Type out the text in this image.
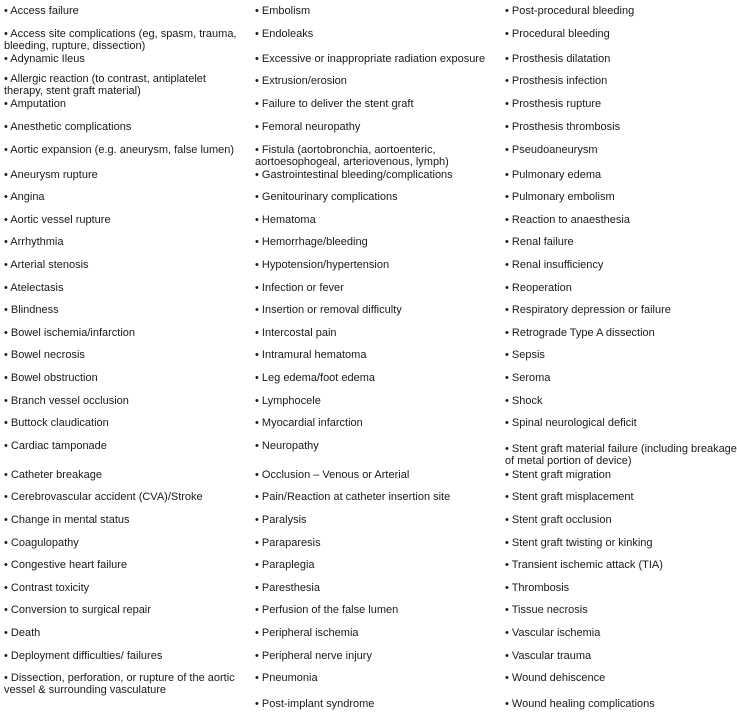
• Access failure
• Access site complications (eg, spasm, trauma, bleeding, rupture, dissection)
• Adynamic Ileus
• Allergic reaction (to contrast, antiplatelet therapy, stent graft material)
• Amputation
• Anesthetic complications
• Aortic expansion (e.g. aneurysm, false lumen)
• Aneurysm rupture
• Angina
• Aortic vessel rupture
• Arrhythmia
• Arterial stenosis
• Atelectasis
• Blindness
• Bowel ischemia/infarction
• Bowel necrosis
• Bowel obstruction
• Branch vessel occlusion
• Buttock claudication
• Cardiac tamponade
• Catheter breakage
• Cerebrovascular accident (CVA)/Stroke
• Change in mental status
• Coagulopathy
• Congestive heart failure
• Contrast toxicity
• Conversion to surgical repair
• Death
• Deployment difficulties/ failures
• Dissection, perforation, or rupture of the aortic vessel & surrounding vasculature
• Embolism
• Endoleaks
• Excessive or inappropriate radiation exposure
• Extrusion/erosion
• Failure to deliver the stent graft
• Femoral neuropathy
• Fistula (aortobronchia, aortoenteric, aortoesophogeal, arteriovenous, lymph)
• Gastrointestinal bleeding/complications
• Genitourinary complications
• Hematoma
• Hemorrhage/bleeding
• Hypotension/hypertension
• Infection or fever
• Insertion or removal difficulty
• Intercostal pain
• Intramural hematoma
• Leg edema/foot edema
• Lymphocele
• Myocardial infarction
• Neuropathy
• Occlusion – Venous or Arterial
• Pain/Reaction at catheter insertion site
• Paralysis
• Paraparesis
• Paraplegia
• Paresthesia
• Perfusion of the false lumen
• Peripheral ischemia
• Peripheral nerve injury
• Pneumonia
• Post-implant syndrome
• Post-procedural bleeding
• Procedural bleeding
• Prosthesis dilatation
• Prosthesis infection
• Prosthesis rupture
• Prosthesis thrombosis
• Pseudoaneurysm
• Pulmonary edema
• Pulmonary embolism
• Reaction to anaesthesia
• Renal failure
• Renal insufficiency
• Reoperation
• Respiratory depression or failure
• Retrograde Type A dissection
• Sepsis
• Seroma
• Shock
• Spinal neurological deficit
• Stent graft material failure (including breakage of metal portion of device)
• Stent graft migration
• Stent graft misplacement
• Stent graft occlusion
• Stent graft twisting or kinking
• Transient ischemic attack (TIA)
• Thrombosis
• Tissue necrosis
• Vascular ischemia
• Vascular trauma
• Wound dehiscence
• Wound healing complications
